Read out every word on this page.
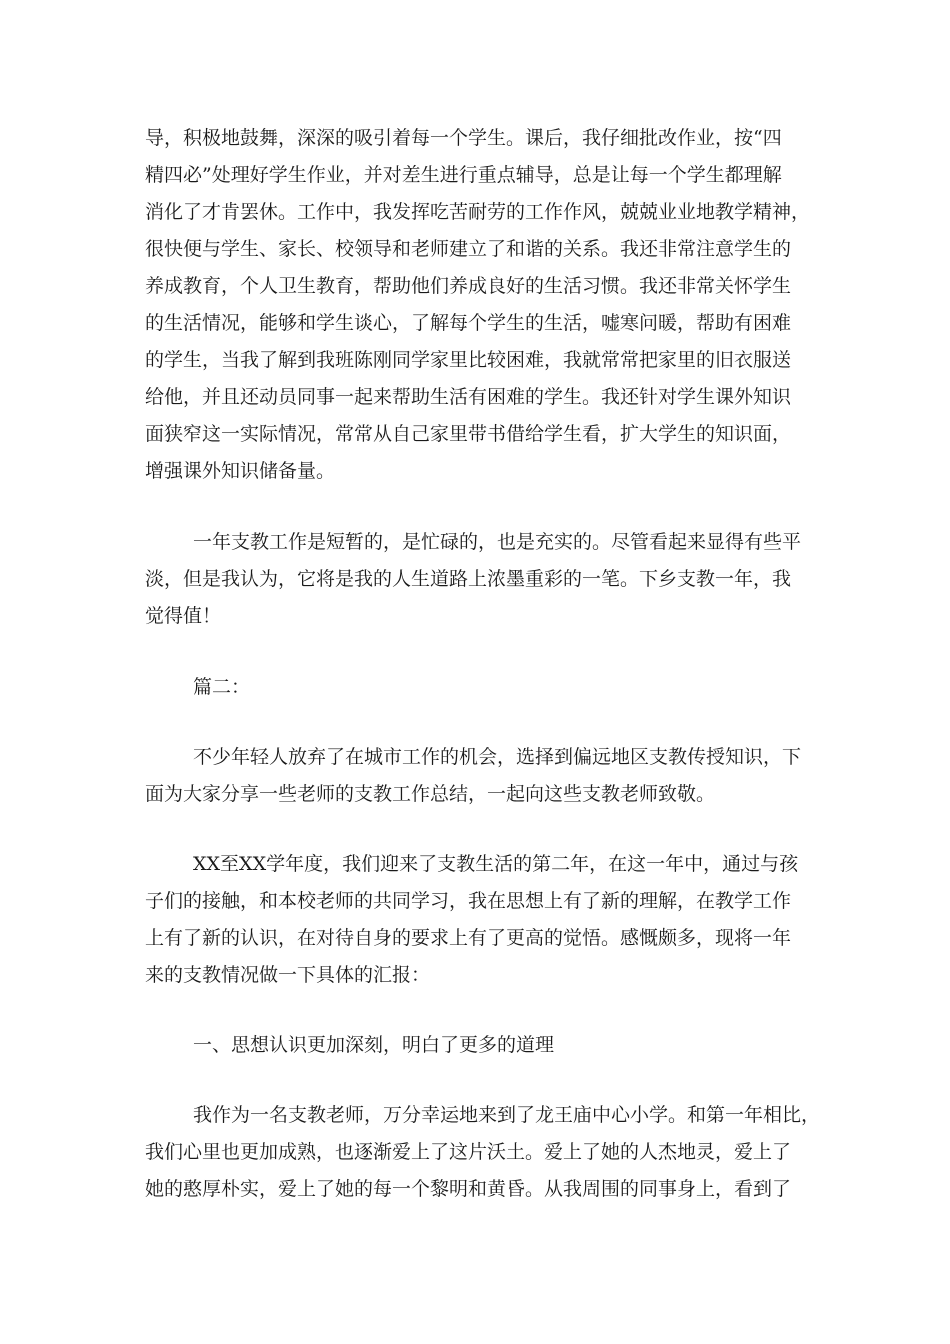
导，积极地鼓舞，深深的吸引着每一个学生。课后，我仔细批改作业，按“四
精四必”处理好学生作业，并对差生进行重点辅导，总是让每一个学生都理解
消化了才肯罢休。工作中，我发挥吃苦耐劳的工作作风，兢兢业业地教学精神，
很快便与学生、家长、校领导和老师建立了和谐的关系。我还非常注意学生的
养成教育，个人卫生教育，帮助他们养成良好的生活习惯。我还非常关怀学生
的生活情况，能够和学生谈心，了解每个学生的生活，嘘寒问暖，帮助有困难
的学生，当我了解到我班陈刚同学家里比较困难，我就常常把家里的旧衣服送
给他，并且还动员同事一起来帮助生活有困难的学生。我还针对学生课外知识
面狭窄这一实际情况，常常从自己家里带书借给学生看，扩大学生的知识面，
增强课外知识储备量。
一年支教工作是短暂的，是忙碌的，也是充实的。尽管看起来显得有些平
淡，但是我认为，它将是我的人生道路上浓墨重彩的一笔。下乡支教一年，我
觉得值！
篇二：
不少年轻人放弃了在城市工作的机会，选择到偏远地区支教传授知识，下
面为大家分享一些老师的支教工作总结，一起向这些支教老师致敬。
XX至XX学年度，我们迎来了支教生活的第二年，在这一年中，通过与孩
子们的接触，和本校老师的共同学习，我在思想上有了新的理解，在教学工作
上有了新的认识，在对待自身的要求上有了更高的觉悟。感慨颇多，现将一年
来的支教情况做一下具体的汇报：
一、思想认识更加深刻，明白了更多的道理
我作为一名支教老师，万分幸运地来到了龙王庙中心小学。和第一年相比，
我们心里也更加成熟，也逐渐爱上了这片沃土。爱上了她的人杰地灵，爱上了
她的憨厚朴实，爱上了她的每一个黎明和黄昏。从我周围的同事身上，看到了
